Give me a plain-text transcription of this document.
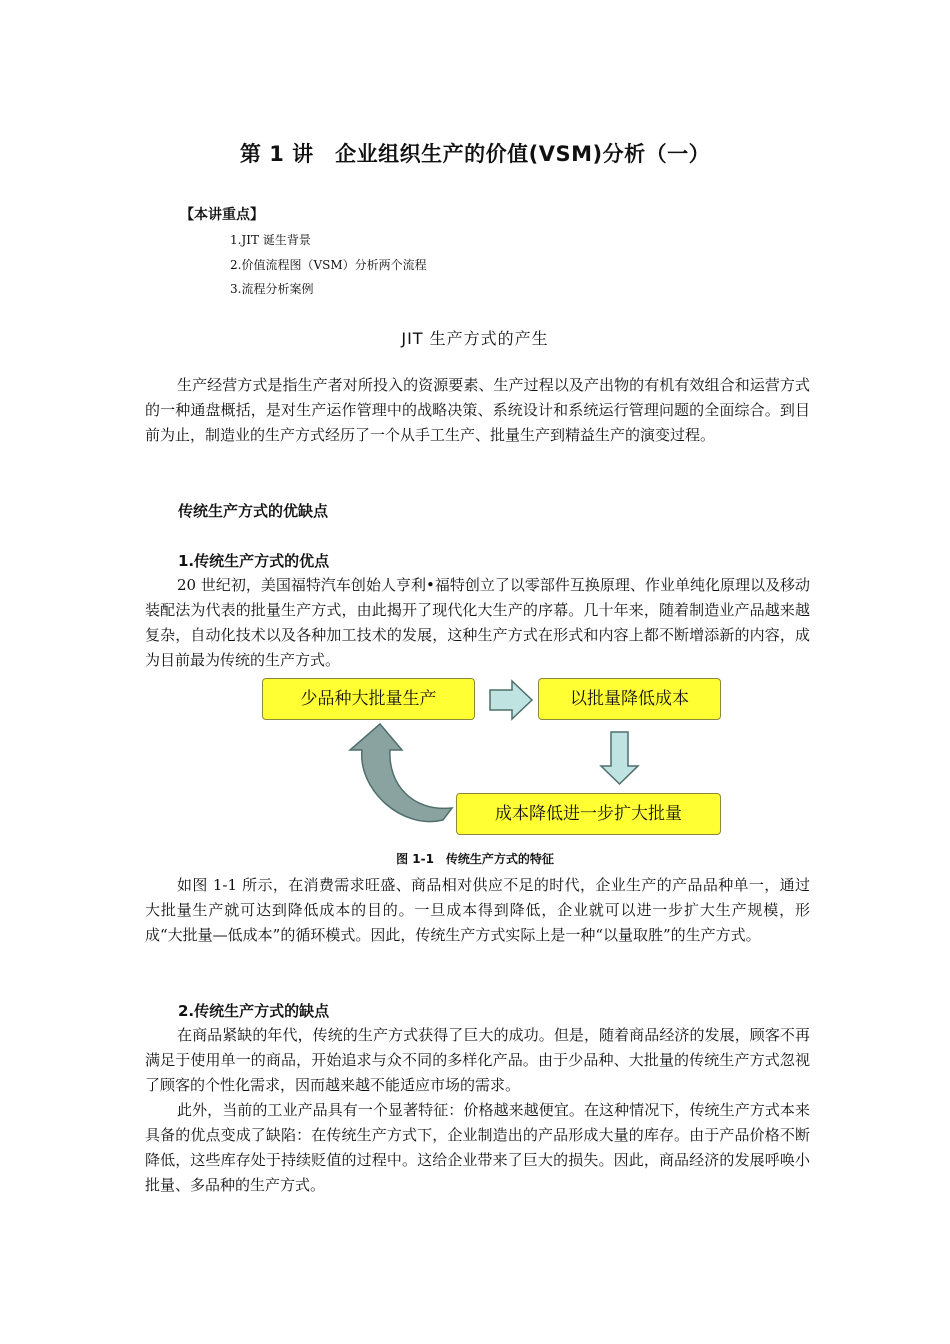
第 1 讲　企业组织生产的价值(VSM)分析（一）
【本讲重点】
1.JIT 诞生背景
2.价值流程图（VSM）分析两个流程
3.流程分析案例
JIT 生产方式的产生

生产经营方式是指生产者对所投入的资源要素、生产过程以及产出物的有机有效组合和运营方式的一种通盘概括，是对生产运作管理中的战略决策、系统设计和系统运行管理问题的全面综合。到目前为止，制造业的生产方式经历了一个从手工生产、批量生产到精益生产的演变过程。

传统生产方式的优缺点
1.传统生产方式的优点

20 世纪初，美国福特汽车创始人亨利•福特创立了以零部件互换原理、作业单纯化原理以及移动装配法为代表的批量生产方式，由此揭开了现代化大生产的序幕。几十年来，随着制造业产品越来越复杂，自动化技术以及各种加工技术的发展，这种生产方式在形式和内容上都不断增添新的内容，成为目前最为传统的生产方式。

少品种大批量生产	以批量降低成本
成本降低进一步扩大批量
图 1-1　传统生产方式的特征

如图 1-1 所示，在消费需求旺盛、商品相对供应不足的时代，企业生产的产品品种单一，通过大批量生产就可达到降低成本的目的。一旦成本得到降低，企业就可以进一步扩大生产规模，形成“大批量—低成本”的循环模式。因此，传统生产方式实际上是一种“以量取胜”的生产方式。

2.传统生产方式的缺点

在商品紧缺的年代，传统的生产方式获得了巨大的成功。但是，随着商品经济的发展，顾客不再满足于使用单一的商品，开始追求与众不同的多样化产品。由于少品种、大批量的传统生产方式忽视了顾客的个性化需求，因而越来越不能适应市场的需求。

此外，当前的工业产品具有一个显著特征：价格越来越便宜。在这种情况下，传统生产方式本来具备的优点变成了缺陷：在传统生产方式下，企业制造出的产品形成大量的库存。由于产品价格不断降低，这些库存处于持续贬值的过程中。这给企业带来了巨大的损失。因此，商品经济的发展呼唤小批量、多品种的生产方式。
